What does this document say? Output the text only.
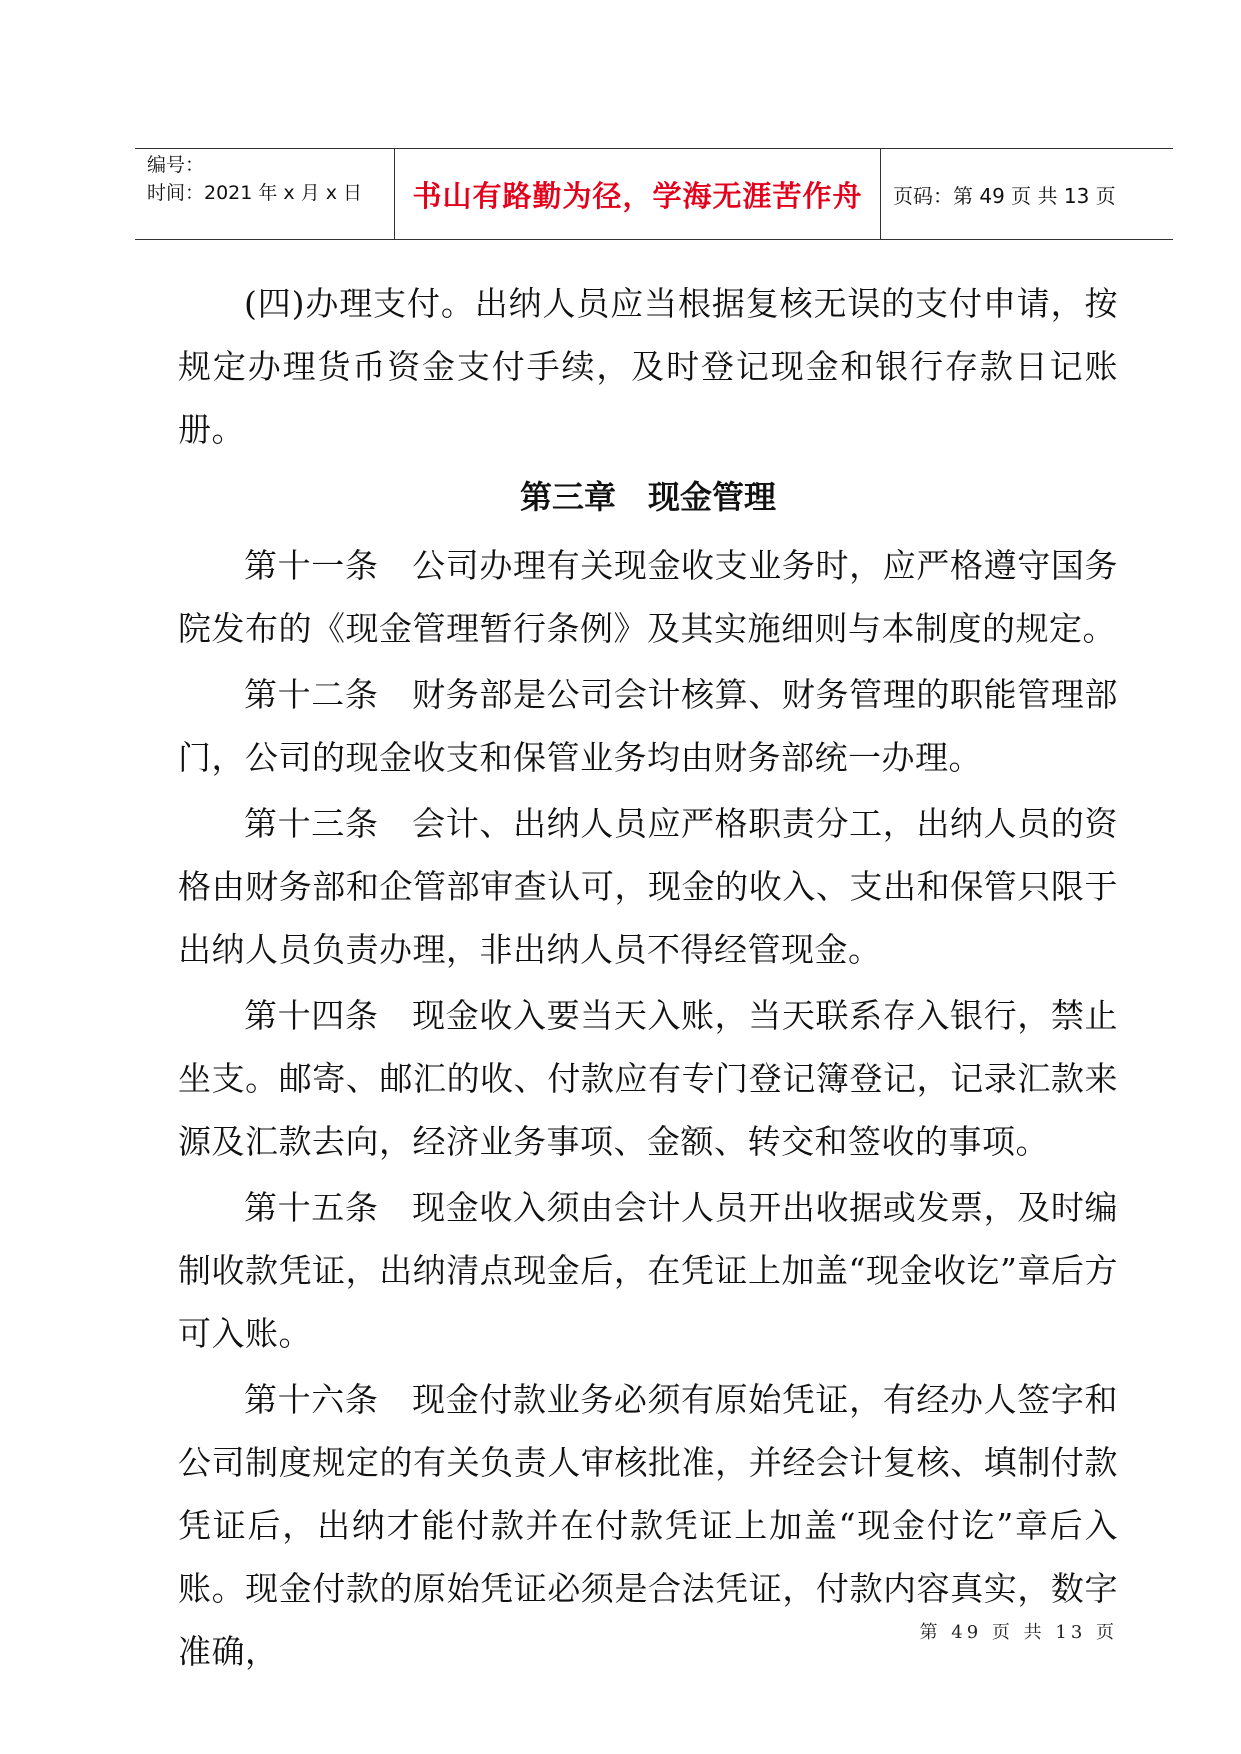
编号：
时间：2021 年 x 月 x 日	书山有路勤为径，学海无涯苦作舟 页码：第 49 页 共 13 页

(四)办理支付。出纳人员应当根据复核无误的支付申请，按规定办理货币资金支付手续，及时登记现金和银行存款日记账册。

第三章　现金管理

第十一条　公司办理有关现金收支业务时，应严格遵守国务院发布的《现金管理暂行条例》及其实施细则与本制度的规定。

第十二条　财务部是公司会计核算、财务管理的职能管理部门，公司的现金收支和保管业务均由财务部统一办理。

第十三条　会计、出纳人员应严格职责分工，出纳人员的资格由财务部和企管部审查认可，现金的收入、支出和保管只限于出纳人员负责办理，非出纳人员不得经管现金。

第十四条　现金收入要当天入账，当天联系存入银行，禁止坐支。邮寄、邮汇的收、付款应有专门登记簿登记，记录汇款来源及汇款去向，经济业务事项、金额、转交和签收的事项。

第十五条　现金收入须由会计人员开出收据或发票，及时编制收款凭证，出纳清点现金后，在凭证上加盖“现金收讫”章后方可入账。

第十六条　现金付款业务必须有原始凭证，有经办人签字和公司制度规定的有关负责人审核批准，并经会计复核、填制付款凭证后，出纳才能付款并在付款凭证上加盖“现金付讫”章后入账。现金付款的原始凭证必须是合法凭证，付款内容真实，数字准确，	第 49 页 共 13 页
